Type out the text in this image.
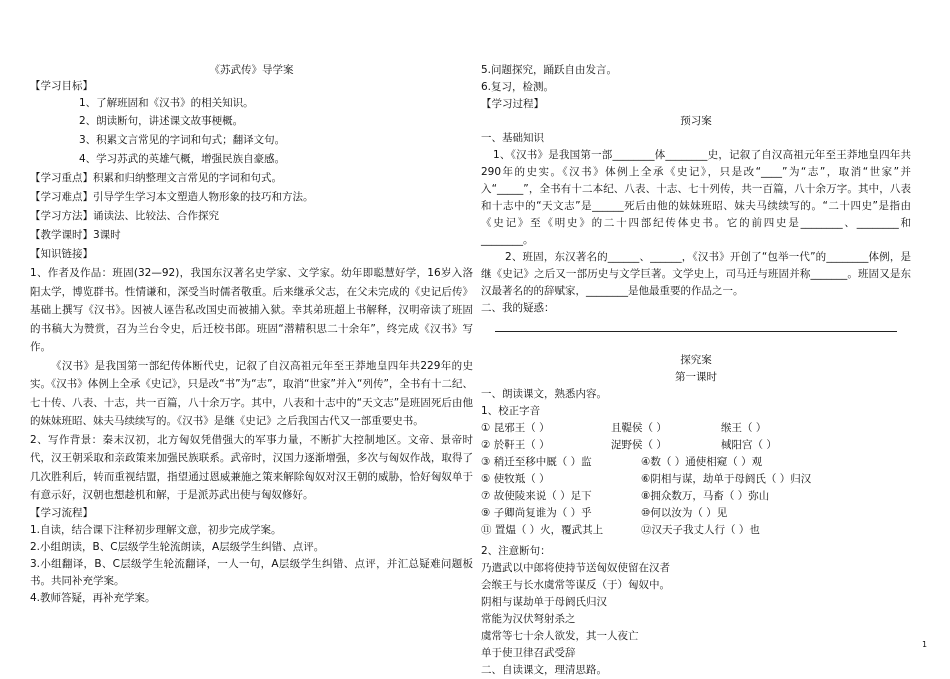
《苏武传》导学案
【学习目标】
1、了解班固和《汉书》的相关知识。
2、朗读断句，讲述课文故事梗概。
3、积累文言常见的字词和句式；翻译文句。
4、学习苏武的英雄气概，增强民族自豪感。
【学习重点】积累和归纳整理文言常见的字词和句式。
【学习难点】引导学生学习本文塑造人物形象的技巧和方法。
【学习方法】诵读法、比较法、合作探究
【教学课时】3课时
【知识链接】
1、作者及作品：班固(32—92)，我国东汉著名史学家、文学家。幼年即聪慧好学，16岁入洛阳太学，博览群书。性情谦和，深受当时儒者敬重。后来继承父志，在父未完成的《史记后传》基础上撰写《汉书》。因被人诬告私改国史而被捕入狱。幸其弟班超上书解释，汉明帝读了班固的书稿大为赞赏，召为兰台令史，后迁校书郎。班固“潜精积思二十余年”，终完成《汉书》写作。
《汉书》是我国第一部纪传体断代史，记叙了自汉高祖元年至王莽地皇四年共229年的史实。《汉书》体例上全承《史记》，只是改“书”为“志”，取消“世家”并入“列传”，全书有十二纪、七十传、八表、十志，共一百篇，八十余万字。其中，八表和十志中的“天文志”是班固死后由他的妹妹班昭、妹夫马续续写的。《汉书》是继《史记》之后我国古代又一部重要史书。
2、写作背景：秦末汉初，北方匈奴凭借强大的军事力量，不断扩大控制地区。文帝、景帝时代，汉王朝采取和亲政策来加强民族联系。武帝时，汉国力逐渐增强，多次与匈奴作战，取得了几次胜利后，转而重视结盟，指望通过恩威兼施之策来解除匈奴对汉王朝的威胁，恰好匈奴单于有意示好，汉朝也想趁机和解，于是派苏武出使与匈奴修好。
【学习流程】
1.自读，结合课下注释初步理解文意，初步完成学案。
2.小组朗读，B、C层级学生轮流朗读，A层级学生纠错、点评。
3.小组翻译，B、C层级学生轮流翻译，一人一句，A层级学生纠错、点评，并汇总疑难问题板书。共同补充学案。
4.教师答疑，再补充学案。
5.问题探究，踊跃自由发言。
6.复习，检测。
【学习过程】
预习案
一、基础知识
1、《汉书》是我国第一部________体________史，记叙了自汉高祖元年至王莽地皇四年共290年的史实。《汉书》体例上全承《史记》，只是改“____”为“志”，取消“世家”并入“_____”，全书有十二本纪、八表、十志、七十列传，共一百篇，八十余万字。其中，八表和十志中的“天文志”是______死后由他的妹妹班昭、妹夫马续续写的。“二十四史”是指由《史记》至《明史》的二十四部纪传体史书。它的前四史是________、________和________。
2、班固，东汉著名的______、______，《汉书》开创了“包举一代”的________体例，是继《史记》之后又一部历史与文学巨著。文学史上，司马迁与班固并称_______。班固又是东汉最著名的的辞赋家，________是他最重要的作品之一。
二、我的疑惑：
探究案
第一课时
一、朗读课文，熟悉内容。
1、校正字音
① 昆邪王（ ）	且鞮侯（ ）	缑王（ ）
② 於靬王（ ）	浞野侯（ ）	棫阳宫（ ）
③ 稍迁至移中厩（ ）监	④数（ ）通使相窥（ ）观
⑤ 使牧羝（ ）	⑥阴相与谋，劫单于母阏氏（ ）归汉
⑦ 故使陵来说（ ）足下	⑧拥众数万，马畜（ ）弥山
⑨ 子卿尚复谁为（ ）乎	⑩何以汝为（ ）见
⑪ 置煴（ ）火，覆武其上	⑫汉天子我丈人行（ ）也
2、注意断句：
乃遣武以中郎将使持节送匈奴使留在汉者
会缑王与长水虞常等谋反（于）匈奴中。
阴相与谋劫单于母阏氏归汉
常能为汉伏弩射杀之
虞常等七十余人欲发，其一人夜亡
单于使卫律召武受辞
二、自读课文，理清思路。
1
